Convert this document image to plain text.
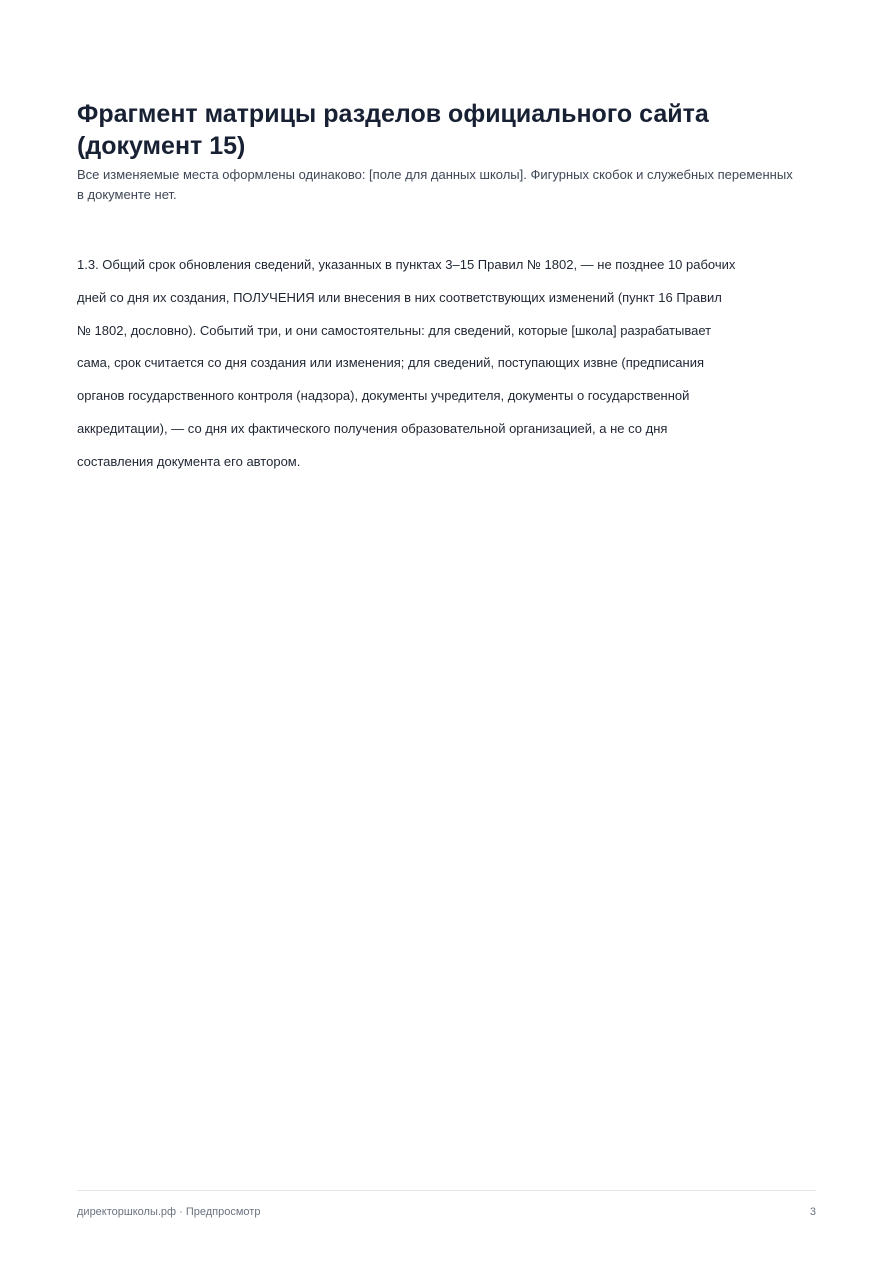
Фрагмент матрицы разделов официального сайта (документ 15)

Все изменяемые места оформлены одинаково: [поле для данных школы]. Фигурных скобок и служебных переменных в документе нет.

1.3. Общий срок обновления сведений, указанных в пунктах 3–15 Правил № 1802, — не позднее 10 рабочих дней со дня их создания, ПОЛУЧЕНИЯ или внесения в них соответствующих изменений (пункт 16 Правил № 1802, дословно). Событий три, и они самостоятельны: для сведений, которые [школа] разрабатывает сама, срок считается со дня создания или изменения; для сведений, поступающих извне (предписания органов государственного контроля (надзора), документы учредителя, документы о государственной аккредитации), — со дня их фактического получения образовательной организацией, а не со дня составления документа его автором.

директоршколы.рф · Предпросмотр	3
